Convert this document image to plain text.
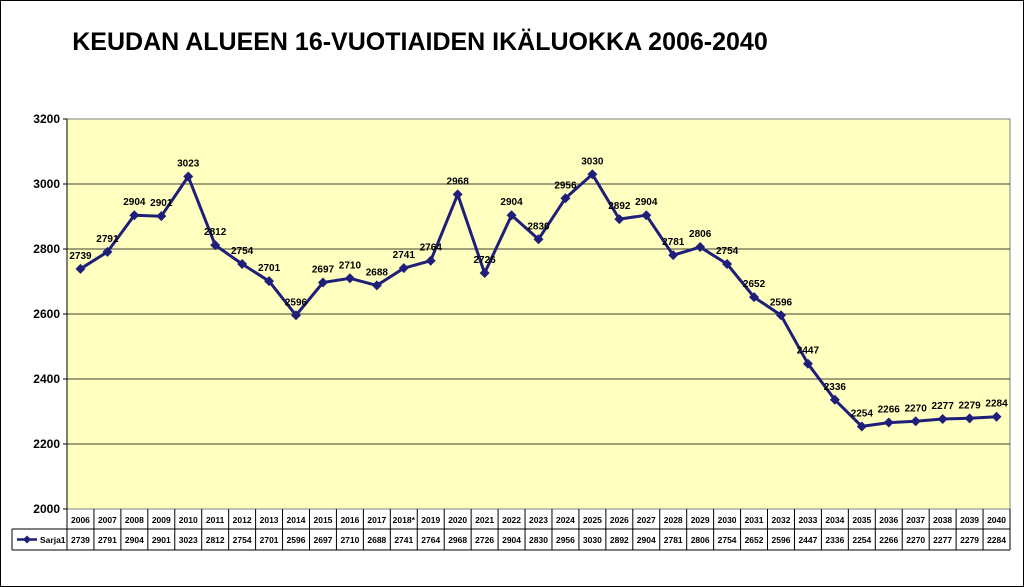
KEUDAN ALUEEN 16-VUOTIAIDEN IKÄLUOKKA 2006-2040
2000
2200
2400
2600
2800
3000
3200
2739
2791
2904 2901
3023
2812
2754
2701
2596
2697 2710
2688
2741
2764
2968
2726
2904
2830
2956
3030
2892 2904
2781
2806
2754
2652
2596
2447
2336
2254 2266 2270 2277 2279 2284
2006 2007 2008 2009 2010 2011 2012 2013 2014 2015 2016 2017 2018* 2019 2020 2021 2022 2023 2024 2025 2026 2027 2028 2029 2030 2031 2032 2033 2034 2035 2036 2037 2038 2039 2040
2739 2791 2904 2901 3023 2812 2754 2701 2596 2697 2710 2688 2741 2764 2968 2726 2904 2830 2956 3030 2892 2904 2781 2806 2754 2652 2596 2447 2336 2254 2266 2270 2277 2279 2284
Sarja1
